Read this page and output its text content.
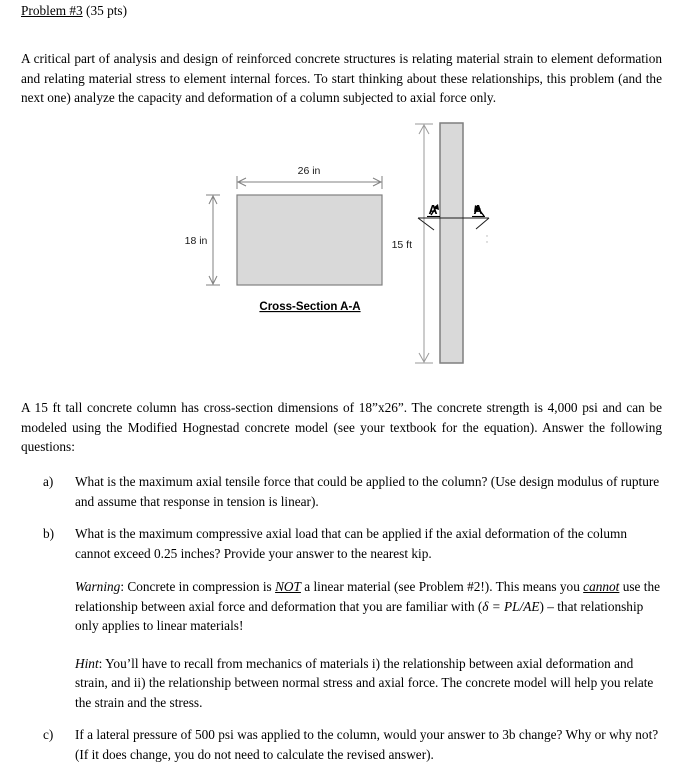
Problem #3 (35 pts)

A critical part of analysis and design of reinforced concrete structures is relating material strain to element deformation and relating material stress to element internal forces. To start thinking about these relationships, this problem (and the next one) analyze the capacity and deformation of a column subjected to axial force only.

26 in
18 in
Cross-Section A-A
15 ft
A	A

A 15 ft tall concrete column has cross-section dimensions of 18”x26”. The concrete strength is 4,000 psi and can be modeled using the Modified Hognestad concrete model (see your textbook for the equation). Answer the following questions:

a) What is the maximum axial tensile force that could be applied to the column? (Use design modulus of rupture and assume that response in tension is linear).
b) What is the maximum compressive axial load that can be applied if the axial deformation of the column cannot exceed 0.25 inches? Provide your answer to the nearest kip.
Warning: Concrete in compression is NOT a linear material (see Problem #2!). This means you cannot use the relationship between axial force and deformation that you are familiar with (δ = PL/AE) – that relationship only applies to linear materials!
Hint: You’ll have to recall from mechanics of materials i) the relationship between axial deformation and strain, and ii) the relationship between normal stress and axial force. The concrete model will help you relate the strain and the stress.
c) If a lateral pressure of 500 psi was applied to the column, would your answer to 3b change? Why or why not? (If it does change, you do not need to calculate the revised answer).
